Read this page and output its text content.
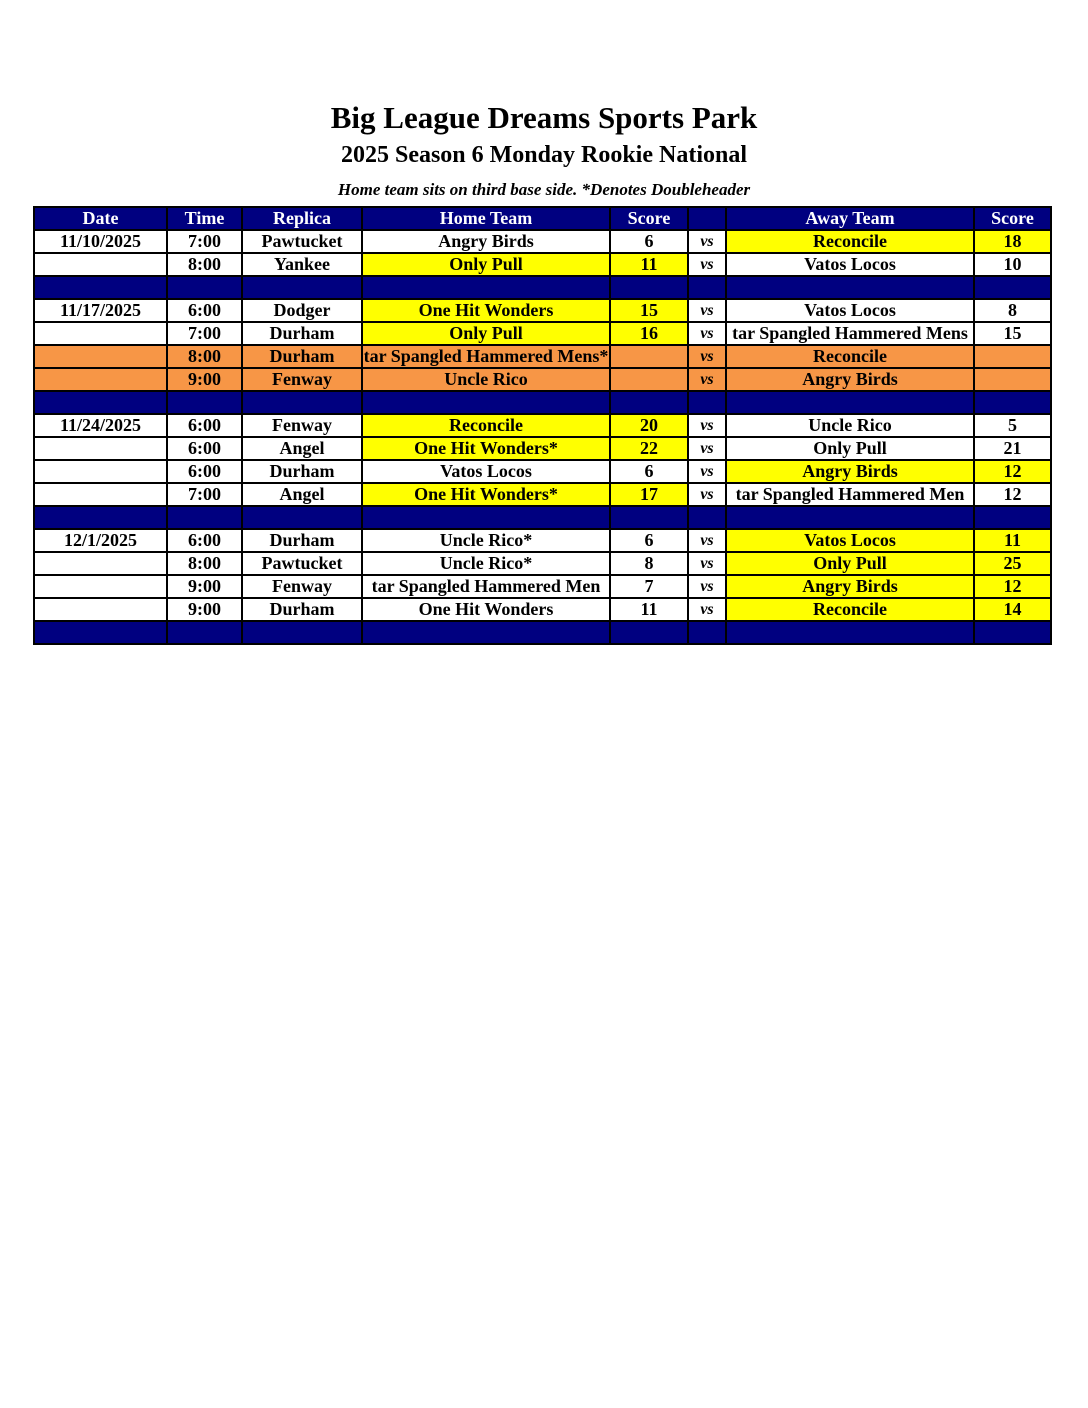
Big League Dreams Sports Park
2025 Season 6 Monday Rookie National
Home team sits on third base side. *Denotes Doubleheader
Date	Time	Replica	Home Team	Score		Away Team	Score
11/10/2025	7:00	Pawtucket	Angry Birds	6	vs	Reconcile	18
	8:00	Yankee	Only Pull	11	vs	Vatos Locos	10

11/17/2025	6:00	Dodger	One Hit Wonders	15	vs	Vatos Locos	8
	7:00	Durham	Only Pull	16	vs	tar Spangled Hammered Mens	15
	8:00	Durham	tar Spangled Hammered Mens*		vs	Reconcile	
	9:00	Fenway	Uncle Rico		vs	Angry Birds	

11/24/2025	6:00	Fenway	Reconcile	20	vs	Uncle Rico	5
	6:00	Angel	One Hit Wonders*	22	vs	Only Pull	21
	6:00	Durham	Vatos Locos	6	vs	Angry Birds	12
	7:00	Angel	One Hit Wonders*	17	vs	tar Spangled Hammered Men	12

12/1/2025	6:00	Durham	Uncle Rico*	6	vs	Vatos Locos	11
	8:00	Pawtucket	Uncle Rico*	8	vs	Only Pull	25
	9:00	Fenway	tar Spangled Hammered Men	7	vs	Angry Birds	12
	9:00	Durham	One Hit Wonders	11	vs	Reconcile	14
